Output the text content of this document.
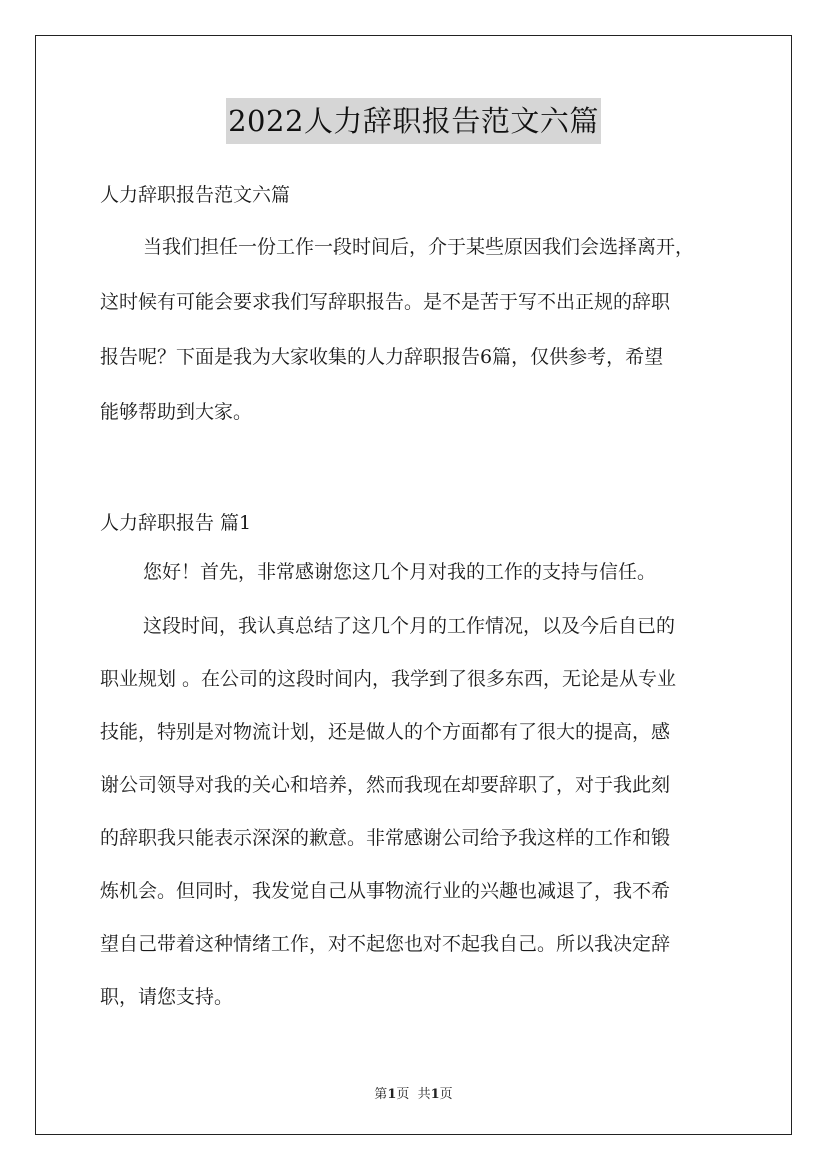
2022人力辞职报告范文六篇
人力辞职报告范文六篇
当我们担任一份工作一段时间后，介于某些原因我们会选择离开，
这时候有可能会要求我们写辞职报告。是不是苦于写不出正规的辞职
报告呢？下面是我为大家收集的人力辞职报告6篇，仅供参考，希望
能够帮助到大家。
人力辞职报告 篇1
您好！首先，非常感谢您这几个月对我的工作的支持与信任。
这段时间，我认真总结了这几个月的工作情况，以及今后自已的
职业规划 。在公司的这段时间内，我学到了很多东西，无论是从专业
技能，特别是对物流计划，还是做人的个方面都有了很大的提高，感
谢公司领导对我的关心和培养，然而我现在却要辞职了，对于我此刻
的辞职我只能表示深深的歉意。非常感谢公司给予我这样的工作和锻
炼机会。但同时，我发觉自己从事物流行业的兴趣也减退了，我不希
望自己带着这种情绪工作，对不起您也对不起我自己。所以我决定辞
职，请您支持。
第1页  共1页
